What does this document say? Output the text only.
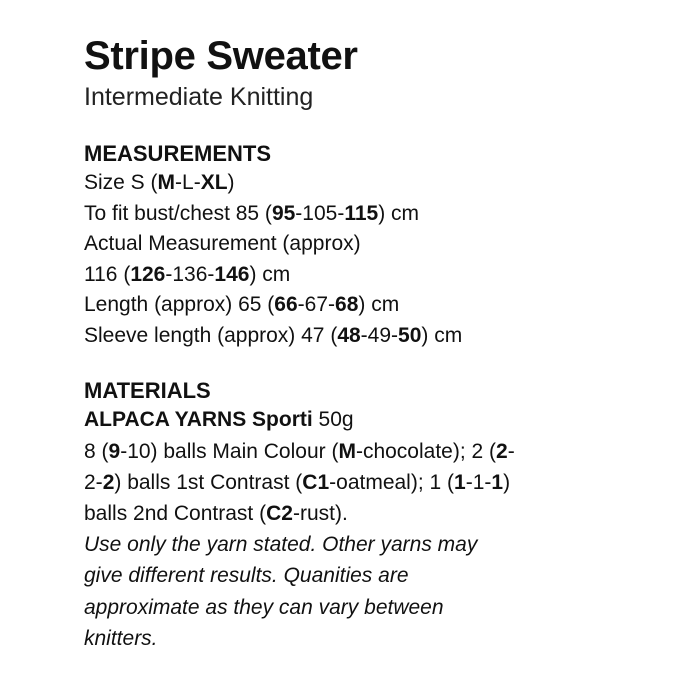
Stripe Sweater
Intermediate Knitting
MEASUREMENTS
Size S (M-L-XL)
To fit bust/chest 85 (95-105-115) cm
Actual Measurement (approx)
116 (126-136-146) cm
Length (approx) 65 (66-67-68) cm
Sleeve length (approx) 47 (48-49-50) cm
MATERIALS
ALPACA YARNS Sporti 50g
8 (9-10) balls Main Colour (M-chocolate); 2 (2-
2-2) balls 1st Contrast (C1-oatmeal); 1 (1-1-1)
balls 2nd Contrast (C2-rust).
Use only the yarn stated. Other yarns may
give different results. Quanities are
approximate as they can vary between
knitters.
